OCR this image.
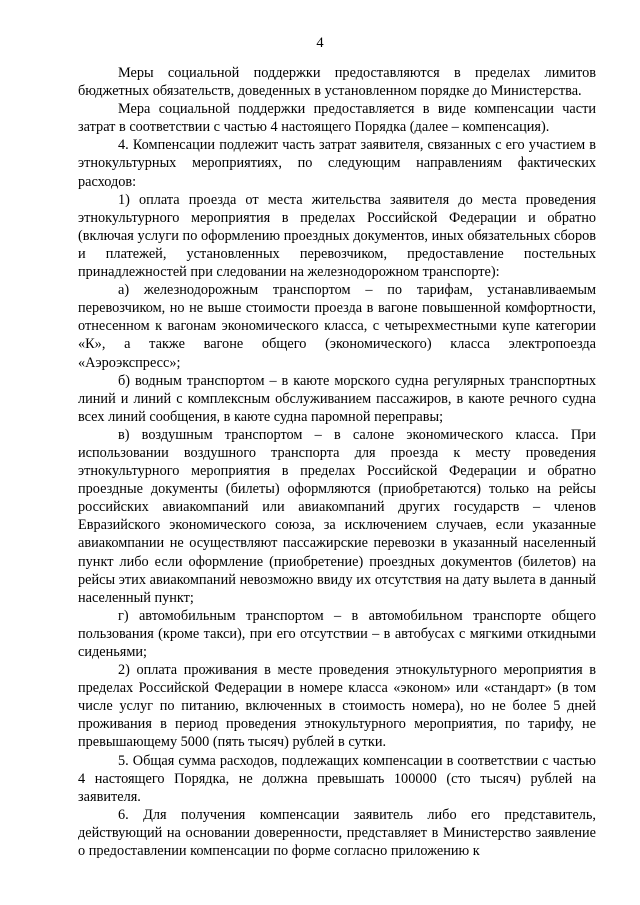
4

Меры социальной поддержки предоставляются в пределах лимитов бюджетных обязательств, доведенных в установленном порядке до Министерства.

Мера социальной поддержки предоставляется в виде компенсации части затрат в соответствии с частью 4 настоящего Порядка (далее – компенсация).

4. Компенсации подлежит часть затрат заявителя, связанных с его участием в этнокультурных мероприятиях, по следующим направлениям фактических расходов:

1) оплата проезда от места жительства заявителя до места проведения этнокультурного мероприятия в пределах Российской Федерации и обратно (включая услуги по оформлению проездных документов, иных обязательных сборов и платежей, установленных перевозчиком, предоставление постельных принадлежностей при следовании на железнодорожном транспорте):

а) железнодорожным транспортом – по тарифам, устанавливаемым перевозчиком, но не выше стоимости проезда в вагоне повышенной комфортности, отнесенном к вагонам экономического класса, с четырехместными купе категории «К», а также вагоне общего (экономического) класса электропоезда «Аэроэкспресс»;

б) водным транспортом – в каюте морского судна регулярных транспортных линий и линий с комплексным обслуживанием пассажиров, в каюте речного судна всех линий сообщения, в каюте судна паромной переправы;

в) воздушным транспортом – в салоне экономического класса. При использовании воздушного транспорта для проезда к месту проведения этнокультурного мероприятия в пределах Российской Федерации и обратно проездные документы (билеты) оформляются (приобретаются) только на рейсы российских авиакомпаний или авиакомпаний других государств – членов Евразийского экономического союза, за исключением случаев, если указанные авиакомпании не осуществляют пассажирские перевозки в указанный населенный пункт либо если оформление (приобретение) проездных документов (билетов) на рейсы этих авиакомпаний невозможно ввиду их отсутствия на дату вылета в данный населенный пункт;

г) автомобильным транспортом – в автомобильном транспорте общего пользования (кроме такси), при его отсутствии – в автобусах с мягкими откидными сиденьями;

2) оплата проживания в месте проведения этнокультурного мероприятия в пределах Российской Федерации в номере класса «эконом» или «стандарт» (в том числе услуг по питанию, включенных в стоимость номера), но не более 5 дней проживания в период проведения этнокультурного мероприятия, по тарифу, не превышающему 5000 (пять тысяч) рублей в сутки.

5. Общая сумма расходов, подлежащих компенсации в соответствии с частью 4 настоящего Порядка, не должна превышать 100000 (сто тысяч) рублей на заявителя.

6. Для получения компенсации заявитель либо его представитель, действующий на основании доверенности, представляет в Министерство заявление о предоставлении компенсации по форме согласно приложению к
